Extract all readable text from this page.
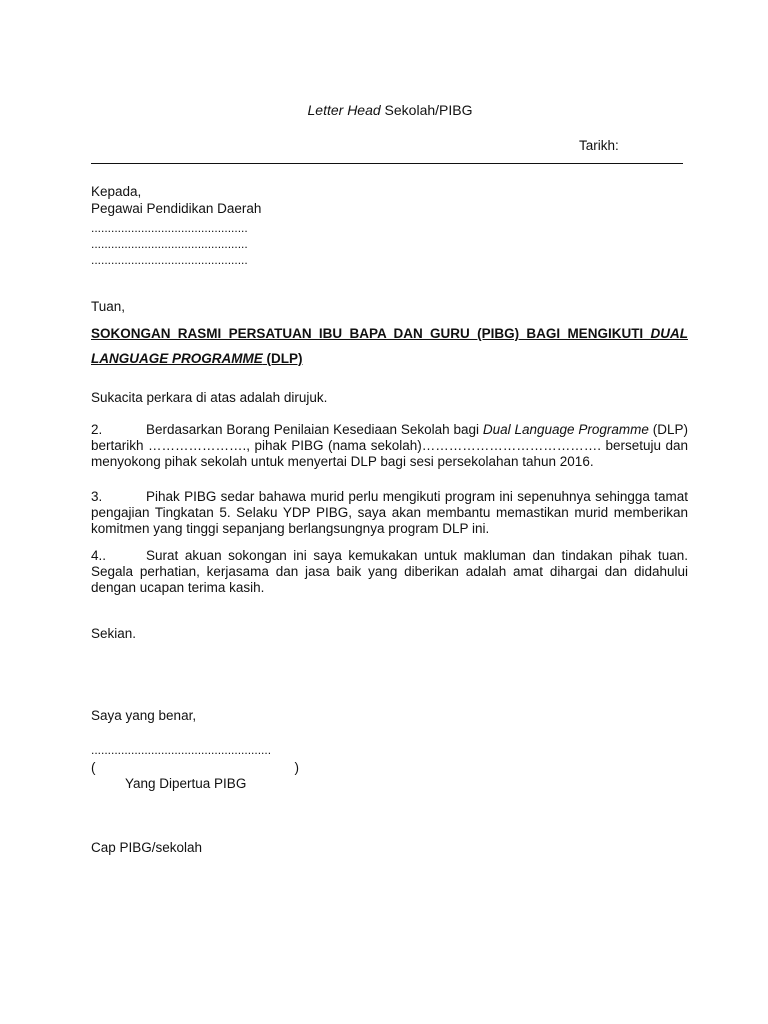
Letter Head Sekolah/PIBG
Tarikh:
Kepada,
Pegawai Pendidikan Daerah
...............................................
...............................................
...............................................
Tuan,
SOKONGAN RASMI PERSATUAN IBU BAPA DAN GURU (PIBG) BAGI MENGIKUTI DUAL LANGUAGE PROGRAMME (DLP)
Sukacita perkara di atas adalah dirujuk.
2.	Berdasarkan Borang Penilaian Kesediaan Sekolah bagi Dual Language Programme (DLP) bertarikh …………………., pihak PIBG (nama sekolah)…………………………………. bersetuju dan menyokong pihak sekolah untuk menyertai DLP bagi sesi persekolahan tahun 2016.
3.	Pihak PIBG sedar bahawa murid perlu mengikuti program ini sepenuhnya sehingga tamat pengajian Tingkatan 5. Selaku YDP PIBG, saya akan membantu memastikan murid memberikan komitmen yang tinggi sepanjang berlangsungnya program DLP ini.
4..	Surat akuan sokongan ini saya kemukakan untuk makluman dan tindakan pihak tuan. Segala perhatian, kerjasama dan jasa baik yang diberikan adalah amat dihargai dan didahului dengan ucapan terima kasih.
Sekian.
Saya yang benar,
......................................................
(	)
Yang Dipertua PIBG
Cap PIBG/sekolah
